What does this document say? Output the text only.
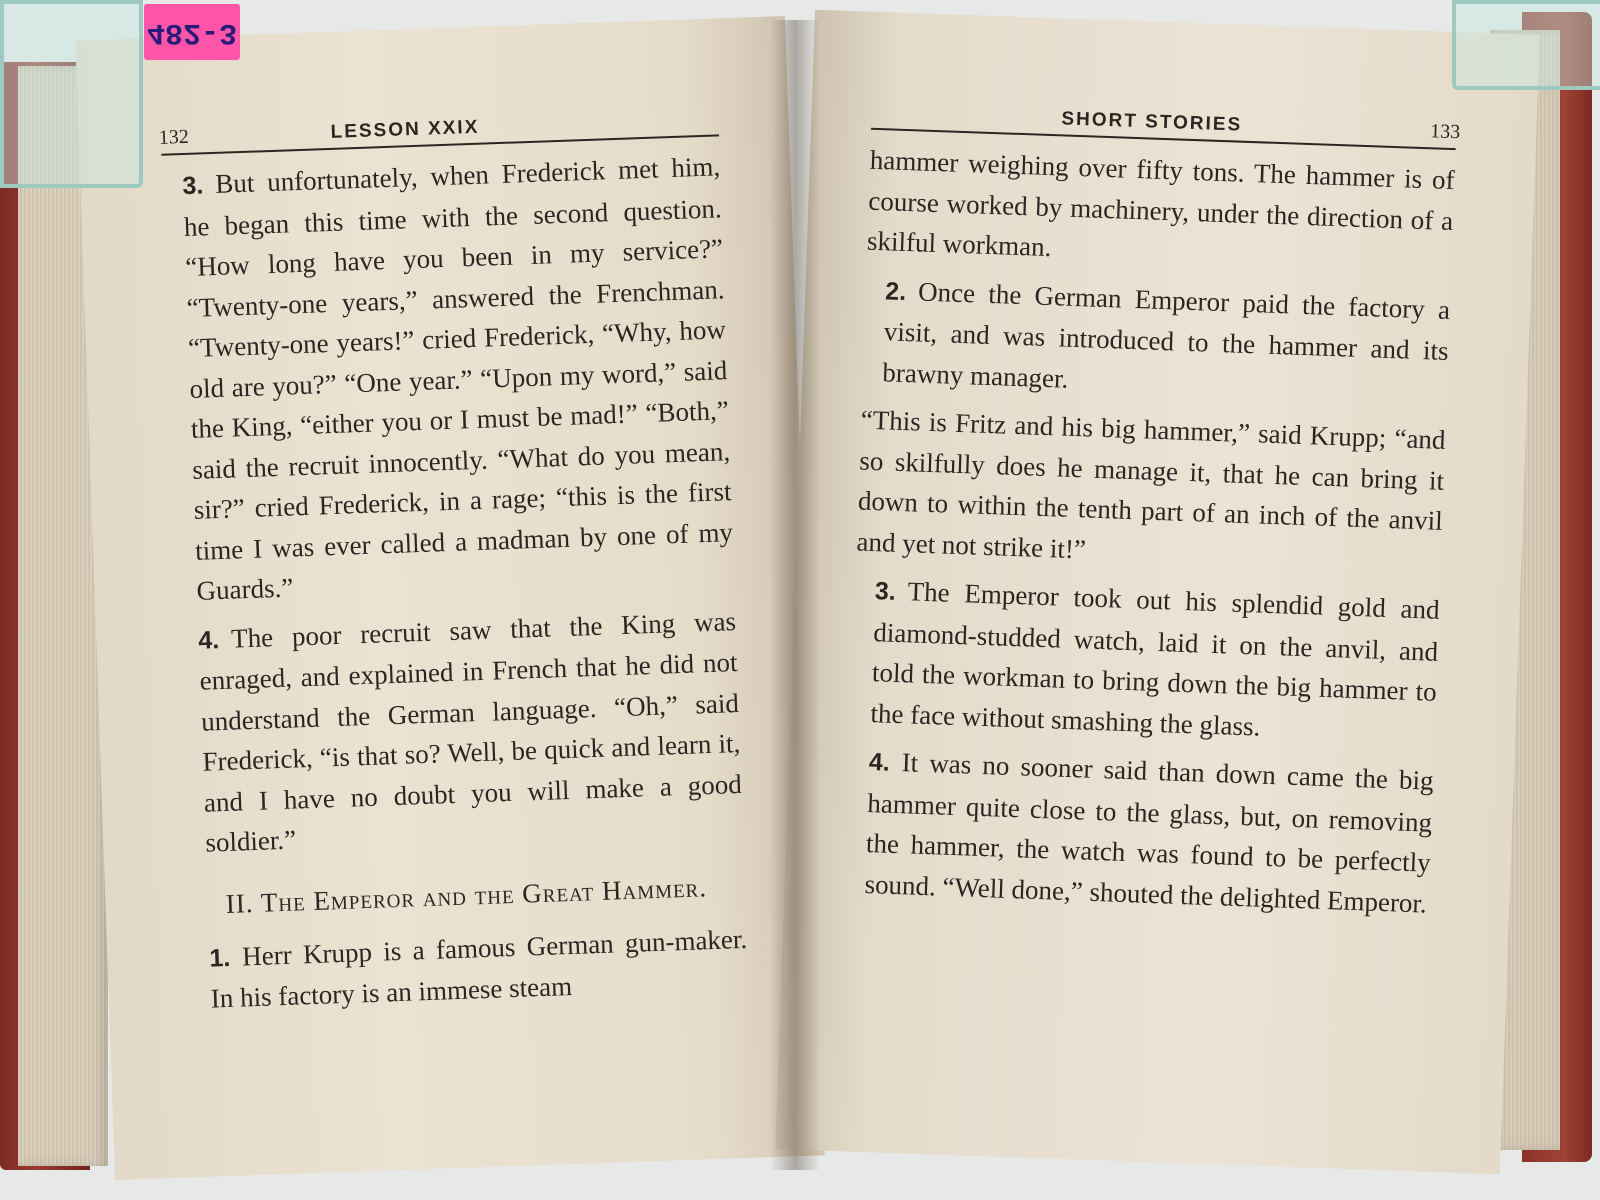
132	LESSON XXIX

3. But unfortunately, when Frederick met him, he began this time with the second question. “How long have you been in my service?” “Twenty-one years,” answered the Frenchman. “Twenty-one years!” cried Frederick, “Why, how old are you?” “One year.” “Upon my word,” said the King, “either you or I must be mad!” “Both,” said the recruit innocently. “What do you mean, sir?” cried Frederick, in a rage; “this is the first time I was ever called a madman by one of my Guards.”

4. The poor recruit saw that the King was enraged, and explained in French that he did not understand the German language. “Oh,” said Frederick, “is that so? Well, be quick and learn it, and I have no doubt you will make a good soldier.”

II. The Emperor and the Great Hammer.

1. Herr Krupp is a famous German gun-maker. In his factory is an immese steam

SHORT STORIES	133

hammer weighing over fifty tons. The hammer is of course worked by machinery, under the direction of a skilful workman.

2. Once the German Emperor paid the factory a visit, and was introduced to the hammer and its brawny manager.

“This is Fritz and his big hammer,” said Krupp; “and so skilfully does he manage it, that he can bring it down to within the tenth part of an inch of the anvil and yet not strike it!”

3. The Emperor took out his splendid gold and diamond-studded watch, laid it on the anvil, and told the workman to bring down the big hammer to the face without smashing the glass.

4. It was no sooner said than down came the big hammer quite close to the glass, but, on removing the hammer, the watch was found to be perfectly sound. “Well done,” shouted the delighted Emperor.

482-3
